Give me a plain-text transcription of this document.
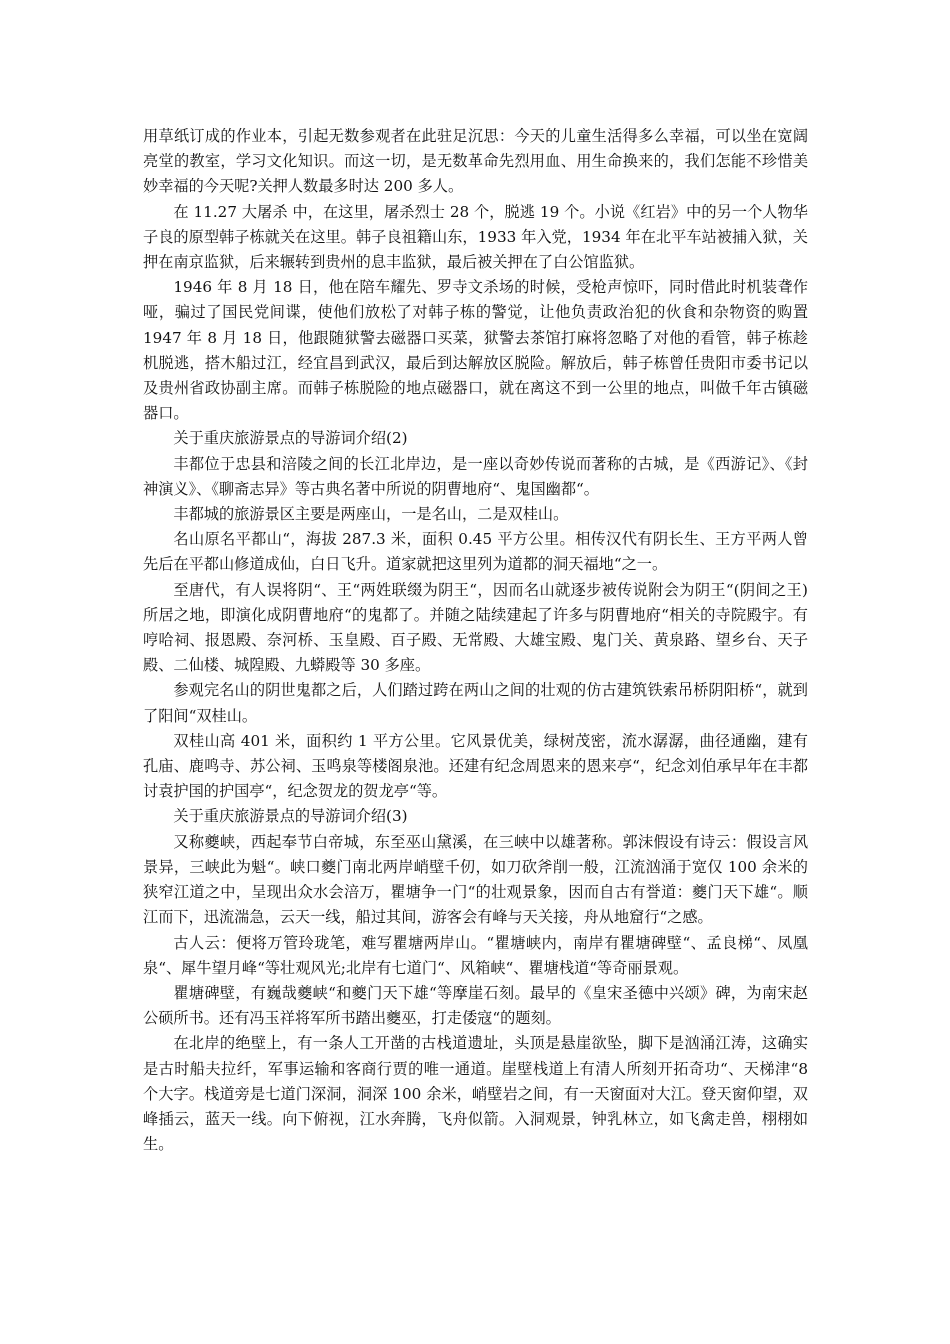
用草纸订成的作业本，引起无数参观者在此驻足沉思：今天的儿童生活得多么幸福，可以坐在宽阔亮堂的教室，学习文化知识。而这一切，是无数革命先烈用血、用生命换来的，我们怎能不珍惜美妙幸福的今天呢?关押人数最多时达 200 多人。

在 11.27 大屠杀 中，在这里，屠杀烈士 28 个，脱逃 19 个。小说《红岩》中的另一个人物华子良的原型韩子栋就关在这里。韩子良祖籍山东，1933 年入党，1934 年在北平车站被捕入狱，关押在南京监狱，后来辗转到贵州的息丰监狱，最后被关押在了白公馆监狱。

1946 年 8 月 18 日，他在陪车耀先、罗寺文杀场的时候，受枪声惊吓，同时借此时机装聋作哑，骗过了国民党间谍，使他们放松了对韩子栋的警觉，让他负责政治犯的伙食和杂物资的购置 1947 年 8 月 18 日，他跟随狱警去磁器口买菜，狱警去茶馆打麻将忽略了对他的看管，韩子栋趁机脱逃，搭木船过江，经宜昌到武汉，最后到达解放区脱险。解放后，韩子栋曾任贵阳市委书记以及贵州省政协副主席。而韩子栋脱险的地点磁器口，就在离这不到一公里的地点，叫做千年古镇磁器口。

关于重庆旅游景点的导游词介绍(2)

丰都位于忠县和涪陵之间的长江北岸边，是一座以奇妙传说而著称的古城，是《西游记》、《封神演义》、《聊斋志异》等古典名著中所说的阴曹地府“、鬼国幽都“。

丰都城的旅游景区主要是两座山，一是名山，二是双桂山。

名山原名平都山“，海拔 287.3 米，面积 0.45 平方公里。相传汉代有阴长生、王方平两人曾先后在平都山修道成仙，白日飞升。道家就把这里列为道都的洞天福地“之一。

至唐代，有人误将阴“、王“两姓联缀为阴王“，因而名山就逐步被传说附会为阴王“(阴间之王)所居之地，即演化成阴曹地府“的鬼都了。并随之陆续建起了许多与阴曹地府“相关的寺院殿宇。有哼哈祠、报恩殿、奈河桥、玉皇殿、百子殿、无常殿、大雄宝殿、鬼门关、黄泉路、望乡台、天子殿、二仙楼、城隍殿、九蟒殿等 30 多座。

参观完名山的阴世鬼都之后，人们踏过跨在两山之间的壮观的仿古建筑铁索吊桥阴阳桥“，就到了阳间“双桂山。

双桂山高 401 米，面积约 1 平方公里。它风景优美，绿树茂密，流水潺潺，曲径通幽，建有孔庙、鹿鸣寺、苏公祠、玉鸣泉等楼阁泉池。还建有纪念周恩来的恩来亭“，纪念刘伯承早年在丰都讨袁护国的护国亭“，纪念贺龙的贺龙亭“等。

关于重庆旅游景点的导游词介绍(3)

又称夔峡，西起奉节白帝城，东至巫山黛溪，在三峡中以雄著称。郭沫假设有诗云：假设言风景异，三峡此为魁“。峡口夔门南北两岸峭壁千仞，如刀砍斧削一般，江流汹涌于宽仅 100 余米的狭窄江道之中，呈现出众水会涪万，瞿塘争一门“的壮观景象，因而自古有誉道：夔门天下雄“。顺江而下，迅流湍急，云天一线，船过其间，游客会有峰与天关接，舟从地窟行“之感。

古人云：便将万管玲珑笔，难写瞿塘两岸山。“瞿塘峡内，南岸有瞿塘碑壁“、孟良梯“、凤凰泉“、犀牛望月峰“等壮观风光;北岸有七道门“、风箱峡“、瞿塘栈道“等奇丽景观。

瞿塘碑壁，有巍哉夔峡“和夔门天下雄“等摩崖石刻。最早的《皇宋圣德中兴颂》碑，为南宋赵公硕所书。还有冯玉祥将军所书踏出夔巫，打走倭寇“的题刻。

在北岸的绝壁上，有一条人工开凿的古栈道遗址，头顶是悬崖欲坠，脚下是汹涌江涛，这确实是古时船夫拉纤，军事运输和客商行贾的唯一通道。崖壁栈道上有清人所刻开拓奇功“、天梯津“8 个大字。栈道旁是七道门深洞，洞深 100 余米，峭壁岩之间，有一天窗面对大江。登天窗仰望，双峰插云，蓝天一线。向下俯视，江水奔腾，飞舟似箭。入洞观景，钟乳林立，如飞禽走兽，栩栩如生。
